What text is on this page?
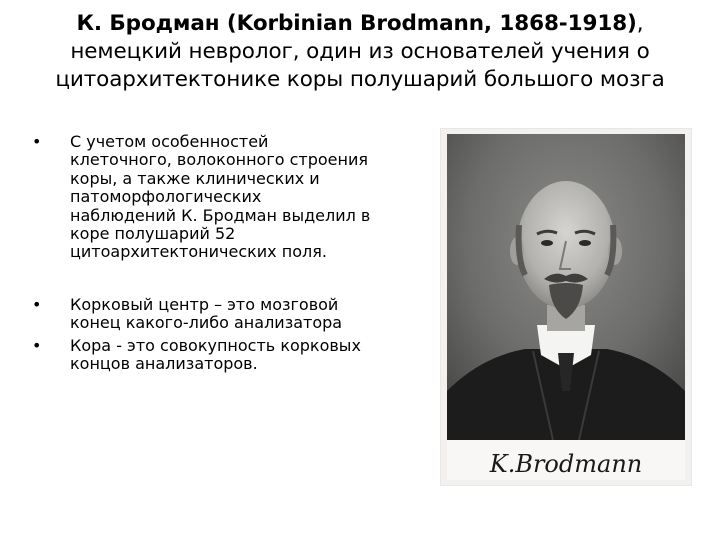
К. Бродман (Korbinian Brodmann, 1868-1918), немецкий невролог, один из основателей учения о цитоархитектонике коры полушарий большого мозга
• С учетом особенностей клеточного, волоконного строения коры, а также клинических и патоморфологических наблюдений К. Бродман выделил в коре полушарий 52 цитоархитектонических поля.
• Корковый центр – это мозговой конец какого-либо анализатора
• Кора - это совокупность корковых концов анализаторов.
K.Brodmann
